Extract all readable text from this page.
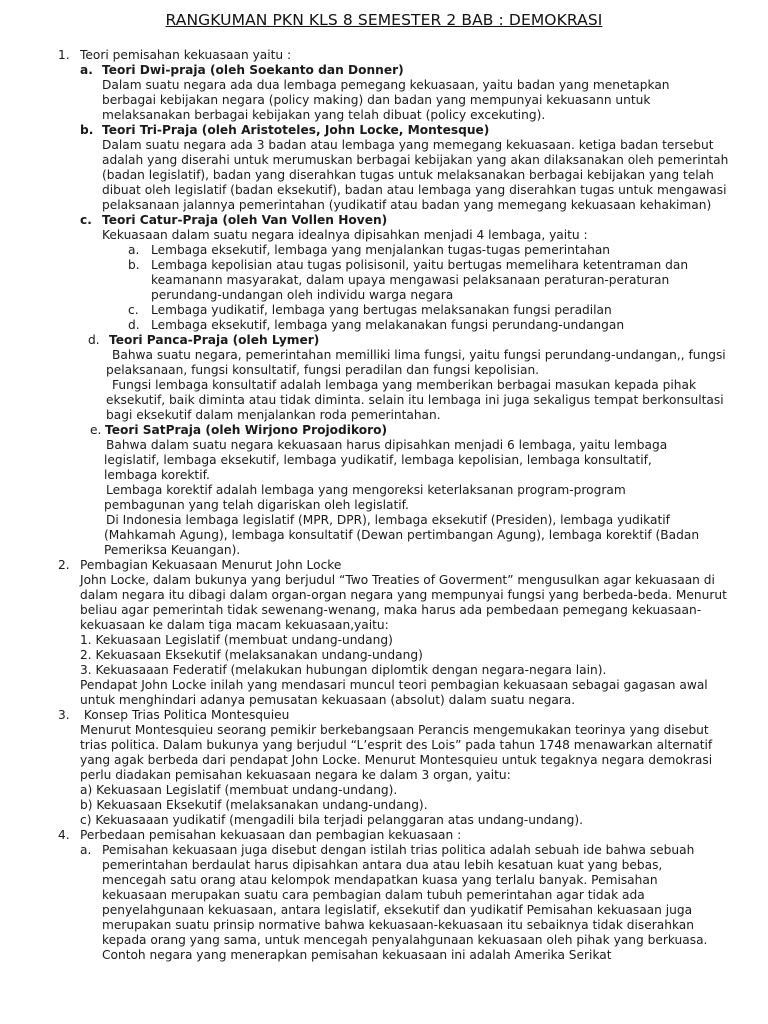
RANGKUMAN PKN KLS 8 SEMESTER 2 BAB : DEMOKRASI
1. Teori pemisahan kekuasaan yaitu :
a. Teori Dwi-praja (oleh Soekanto dan Donner)
Dalam suatu negara ada dua lembaga pemegang kekuasaan, yaitu badan yang menetapkan berbagai kebijakan negara (policy making) dan badan yang mempunyai kekuasann untuk melaksanakan berbagai kebijakan yang telah dibuat (policy excekuting).
b. Teori Tri-Praja (oleh Aristoteles, John Locke, Montesque)
Dalam suatu negara ada 3 badan atau lembaga yang memegang kekuasaan. ketiga badan tersebut adalah yang diserahi untuk merumuskan berbagai kebijakan yang akan dilaksanakan oleh pemerintah (badan legislatif), badan yang diserahkan tugas untuk melaksanakan berbagai kebijakan yang telah dibuat oleh legislatif (badan eksekutif), badan atau lembaga yang diserahkan tugas untuk mengawasi pelaksanaan jalannya pemerintahan (yudikatif atau badan yang memegang kekuasaan kehakiman)
c. Teori Catur-Praja (oleh Van Vollen Hoven)
Kekuasaan dalam suatu negara idealnya dipisahkan menjadi 4 lembaga, yaitu :
a. Lembaga eksekutif, lembaga yang menjalankan tugas-tugas pemerintahan
b. Lembaga kepolisian atau tugas polisisonil, yaitu bertugas memelihara ketentraman dan keamanann masyarakat, dalam upaya mengawasi pelaksanaan peraturan-peraturan perundang-undangan oleh individu warga negara
c.	Lembaga yudikatif, lembaga yang bertugas melaksanakan fungsi peradilan
d. Lembaga eksekutif, lembaga yang melakanakan fungsi perundang-undangan
d. Teori Panca-Praja (oleh Lymer)
Bahwa suatu negara, pemerintahan memilliki lima fungsi, yaitu fungsi perundang-undangan,, fungsi pelaksanaan, fungsi konsultatif, fungsi peradilan dan fungsi kepolisian.
Fungsi lembaga konsultatif adalah lembaga yang memberikan berbagai masukan kepada pihak eksekutif, baik diminta atau tidak diminta. selain itu lembaga ini juga sekaligus tempat berkonsultasi bagi eksekutif dalam menjalankan roda pemerintahan.
e. Teori SatPraja (oleh Wirjono Projodikoro)
Bahwa dalam suatu negara kekuasaan harus dipisahkan menjadi 6 lembaga, yaitu lembaga legislatif, lembaga eksekutif, lembaga yudikatif, lembaga kepolisian, lembaga konsultatif, lembaga korektif.
Lembaga korektif adalah lembaga yang mengoreksi keterlaksanan program-program pembagunan yang telah digariskan oleh legislatif.
Di Indonesia lembaga legislatif (MPR, DPR), lembaga eksekutif (Presiden), lembaga yudikatif (Mahkamah Agung), lembaga konsultatif (Dewan pertimbangan Agung), lembaga korektif (Badan Pemeriksa Keuangan).
2. Pembagian Kekuasaan Menurut John Locke
John Locke, dalam bukunya yang berjudul “Two Treaties of Goverment” mengusulkan agar kekuasaan di dalam negara itu dibagi dalam organ-organ negara yang mempunyai fungsi yang berbeda-beda. Menurut beliau agar pemerintah tidak sewenang-wenang, maka harus ada pembedaan pemegang kekuasaan-kekuasaan ke dalam tiga macam kekuasaan,yaitu:
1. Kekuasaan Legislatif (membuat undang-undang)
2. Kekuasaan Eksekutif (melaksanakan undang-undang)
3. Kekuasaaan Federatif (melakukan hubungan diplomtik dengan negara-negara lain).
Pendapat John Locke inilah yang mendasari muncul teori pembagian kekuasaan sebagai gagasan awal untuk menghindari adanya pemusatan kekuasaan (absolut) dalam suatu negara.
3. Konsep Trias Politica Montesquieu
Menurut Montesquieu seorang pemikir berkebangsaan Perancis mengemukakan teorinya yang disebut trias politica. Dalam bukunya yang berjudul “L’esprit des Lois” pada tahun 1748 menawarkan alternatif yang agak berbeda dari pendapat John Locke. Menurut Montesquieu untuk tegaknya negara demokrasi perlu diadakan pemisahan kekuasaan negara ke dalam 3 organ, yaitu:
a) Kekuasaan Legislatif (membuat undang-undang).
b) Kekuasaan Eksekutif (melaksanakan undang-undang).
c) Kekuasaaan yudikatif (mengadili bila terjadi pelanggaran atas undang-undang).
4. Perbedaan pemisahan kekuasaan dan pembagian kekuasaan :
a. Pemisahan kekuasaan juga disebut dengan istilah trias politica adalah sebuah ide bahwa sebuah pemerintahan berdaulat harus dipisahkan antara dua atau lebih kesatuan kuat yang bebas, mencegah satu orang atau kelompok mendapatkan kuasa yang terlalu banyak. Pemisahan kekuasaan merupakan suatu cara pembagian dalam tubuh pemerintahan agar tidak ada penyelahgunaan kekuasaan, antara legislatif, eksekutif dan yudikatif Pemisahan kekuasaan juga merupakan suatu prinsip normative bahwa kekuasaan-kekuasaan itu sebaiknya tidak diserahkan kepada orang yang sama, untuk mencegah penyalahgunaan kekuasaan oleh pihak yang berkuasa. Contoh negara yang menerapkan pemisahan kekuasaan ini adalah Amerika Serikat
